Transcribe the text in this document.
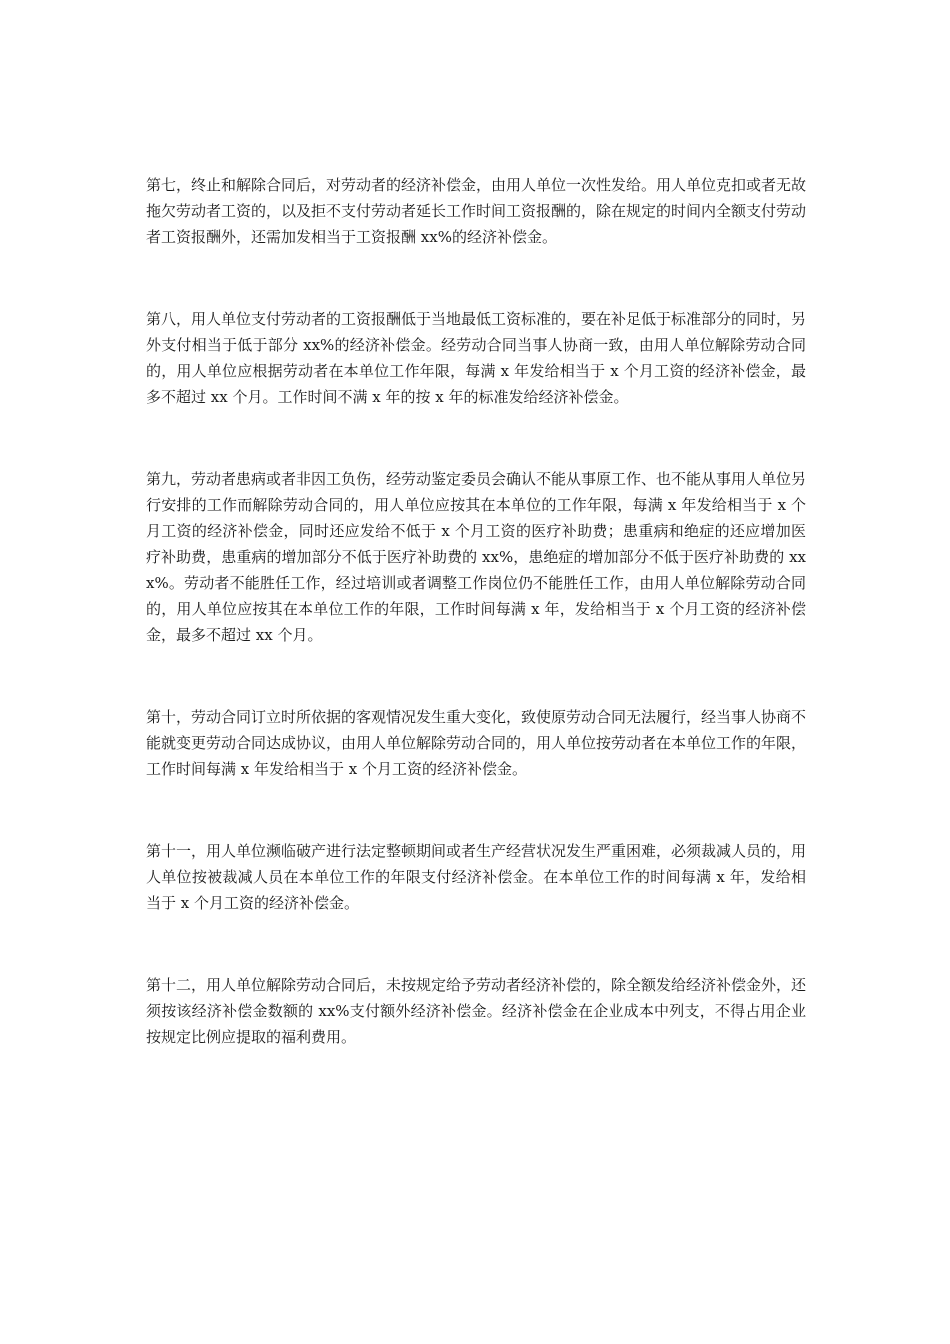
第七，终止和解除合同后，对劳动者的经济补偿金，由用人单位一次性发给。用人单位克扣或者无故拖欠劳动者工资的，以及拒不支付劳动者延长工作时间工资报酬的，除在规定的时间内全额支付劳动者工资报酬外，还需加发相当于工资报酬 xx%的经济补偿金。

第八，用人单位支付劳动者的工资报酬低于当地最低工资标准的，要在补足低于标准部分的同时，另外支付相当于低于部分 xx%的经济补偿金。经劳动合同当事人协商一致，由用人单位解除劳动合同的，用人单位应根据劳动者在本单位工作年限，每满 x 年发给相当于 x 个月工资的经济补偿金，最多不超过 xx 个月。工作时间不满 x 年的按 x 年的标准发给经济补偿金。

第九，劳动者患病或者非因工负伤，经劳动鉴定委员会确认不能从事原工作、也不能从事用人单位另行安排的工作而解除劳动合同的，用人单位应按其在本单位的工作年限，每满 x 年发给相当于 x 个月工资的经济补偿金，同时还应发给不低于 x 个月工资的医疗补助费；患重病和绝症的还应增加医疗补助费，患重病的增加部分不低于医疗补助费的 xx%，患绝症的增加部分不低于医疗补助费的 xxx%。劳动者不能胜任工作，经过培训或者调整工作岗位仍不能胜任工作，由用人单位解除劳动合同的，用人单位应按其在本单位工作的年限，工作时间每满 x 年，发给相当于 x 个月工资的经济补偿金，最多不超过 xx 个月。

第十，劳动合同订立时所依据的客观情况发生重大变化，致使原劳动合同无法履行，经当事人协商不能就变更劳动合同达成协议，由用人单位解除劳动合同的，用人单位按劳动者在本单位工作的年限，工作时间每满 x 年发给相当于 x 个月工资的经济补偿金。

第十一，用人单位濒临破产进行法定整顿期间或者生产经营状况发生严重困难，必须裁减人员的，用人单位按被裁减人员在本单位工作的年限支付经济补偿金。在本单位工作的时间每满 x 年，发给相当于 x 个月工资的经济补偿金。

第十二，用人单位解除劳动合同后，未按规定给予劳动者经济补偿的，除全额发给经济补偿金外，还须按该经济补偿金数额的 xx%支付额外经济补偿金。经济补偿金在企业成本中列支，不得占用企业按规定比例应提取的福利费用。
